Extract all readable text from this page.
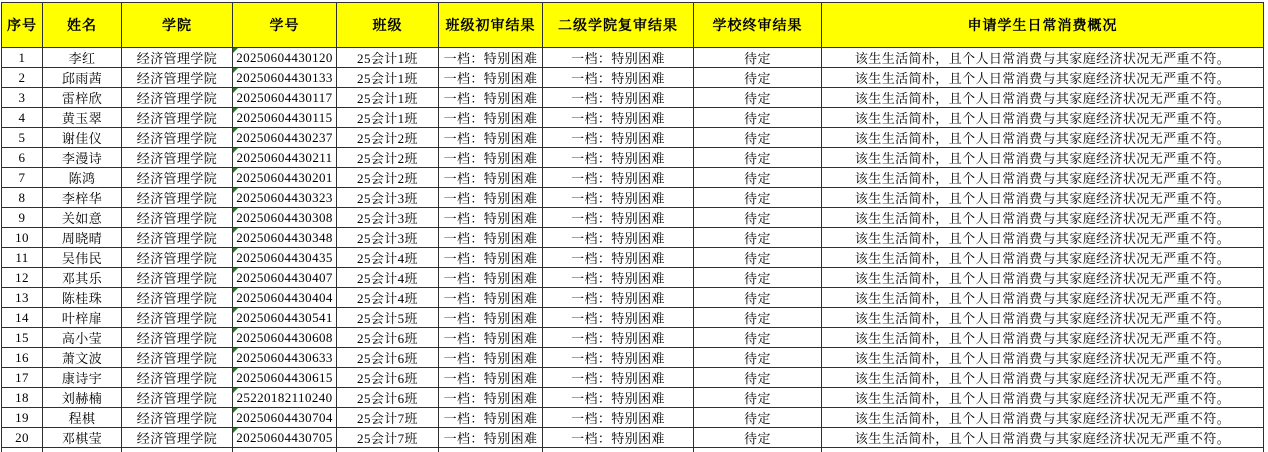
序号	姓名	学院	学号	班级	班级初审结果	二级学院复审结果	学校终审结果	申请学生日常消费概况
1	李红	经济管理学院	20250604430120	25会计1班	一档：特别困难	一档：特别困难	待定	该生生活简朴，且个人日常消费与其家庭经济状况无严重不符。
2	邱雨茜	经济管理学院	20250604430133	25会计1班	一档：特别困难	一档：特别困难	待定	该生生活简朴，且个人日常消费与其家庭经济状况无严重不符。
3	雷梓欣	经济管理学院	20250604430117	25会计1班	一档：特别困难	一档：特别困难	待定	该生生活简朴，且个人日常消费与其家庭经济状况无严重不符。
4	黄玉翠	经济管理学院	20250604430115	25会计1班	一档：特别困难	一档：特别困难	待定	该生生活简朴，且个人日常消费与其家庭经济状况无严重不符。
5	谢佳仪	经济管理学院	20250604430237	25会计2班	一档：特别困难	一档：特别困难	待定	该生生活简朴，且个人日常消费与其家庭经济状况无严重不符。
6	李漫诗	经济管理学院	20250604430211	25会计2班	一档：特别困难	一档：特别困难	待定	该生生活简朴，且个人日常消费与其家庭经济状况无严重不符。
7	陈鸿	经济管理学院	20250604430201	25会计2班	一档：特别困难	一档：特别困难	待定	该生生活简朴，且个人日常消费与其家庭经济状况无严重不符。
8	李梓华	经济管理学院	20250604430323	25会计3班	一档：特别困难	一档：特别困难	待定	该生生活简朴，且个人日常消费与其家庭经济状况无严重不符。
9	关如意	经济管理学院	20250604430308	25会计3班	一档：特别困难	一档：特别困难	待定	该生生活简朴，且个人日常消费与其家庭经济状况无严重不符。
10	周晓晴	经济管理学院	20250604430348	25会计3班	一档：特别困难	一档：特别困难	待定	该生生活简朴，且个人日常消费与其家庭经济状况无严重不符。
11	吴伟民	经济管理学院	20250604430435	25会计4班	一档：特别困难	一档：特别困难	待定	该生生活简朴，且个人日常消费与其家庭经济状况无严重不符。
12	邓其乐	经济管理学院	20250604430407	25会计4班	一档：特别困难	一档：特别困难	待定	该生生活简朴，且个人日常消费与其家庭经济状况无严重不符。
13	陈桂珠	经济管理学院	20250604430404	25会计4班	一档：特别困难	一档：特别困难	待定	该生生活简朴，且个人日常消费与其家庭经济状况无严重不符。
14	叶梓扉	经济管理学院	20250604430541	25会计5班	一档：特别困难	一档：特别困难	待定	该生生活简朴，且个人日常消费与其家庭经济状况无严重不符。
15	高小莹	经济管理学院	20250604430608	25会计6班	一档：特别困难	一档：特别困难	待定	该生生活简朴，且个人日常消费与其家庭经济状况无严重不符。
16	萧文波	经济管理学院	20250604430633	25会计6班	一档：特别困难	一档：特别困难	待定	该生生活简朴，且个人日常消费与其家庭经济状况无严重不符。
17	康诗宇	经济管理学院	20250604430615	25会计6班	一档：特别困难	一档：特别困难	待定	该生生活简朴，且个人日常消费与其家庭经济状况无严重不符。
18	刘赫楠	经济管理学院	25220182110240	25会计6班	一档：特别困难	一档：特别困难	待定	该生生活简朴，且个人日常消费与其家庭经济状况无严重不符。
19	程棋	经济管理学院	20250604430704	25会计7班	一档：特别困难	一档：特别困难	待定	该生生活简朴，且个人日常消费与其家庭经济状况无严重不符。
20	邓棋莹	经济管理学院	20250604430705	25会计7班	一档：特别困难	一档：特别困难	待定	该生生活简朴，且个人日常消费与其家庭经济状况无严重不符。
